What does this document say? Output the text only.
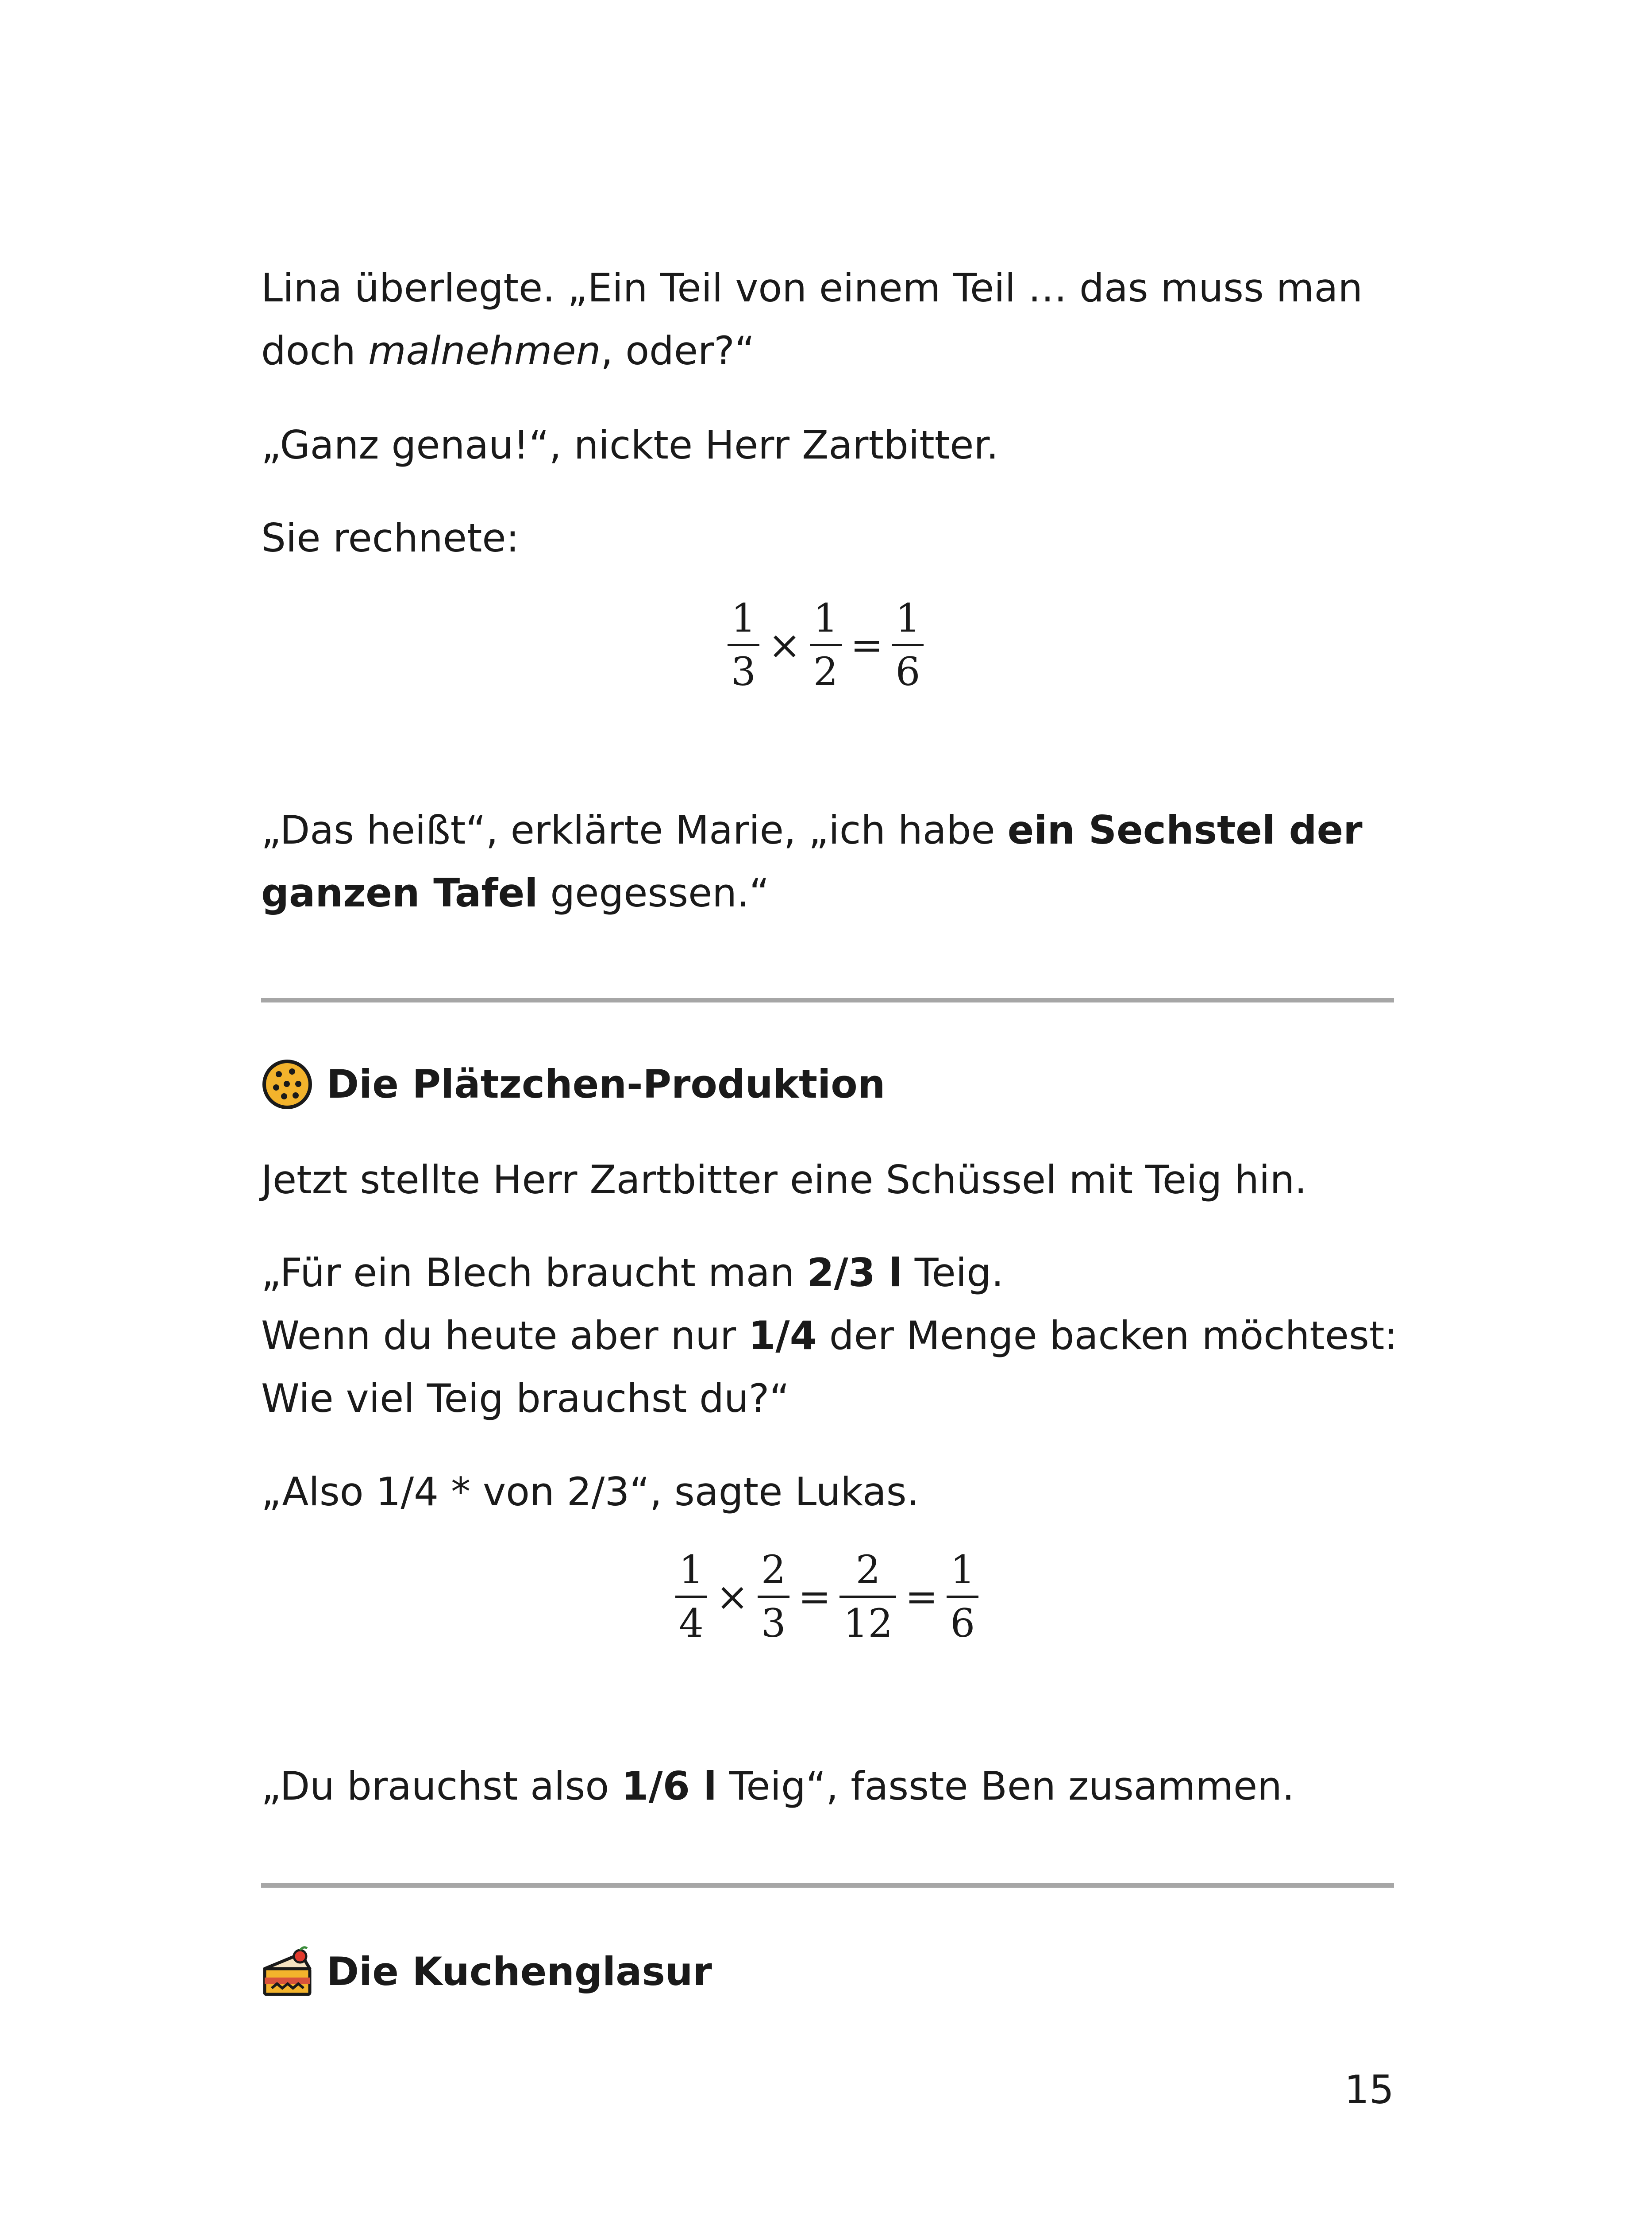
Lina überlegte. „Ein Teil von einem Teil … das muss man
doch malnehmen, oder?“

„Ganz genau!“, nickte Herr Zartbitter.

Sie rechnete:

1
3
×
1
2
=
1
6

„Das heißt“, erklärte Marie, „ich habe ein Sechstel der
ganzen Tafel gegessen.“

Die Plätzchen-Produktion

Jetzt stellte Herr Zartbitter eine Schüssel mit Teig hin.

„Für ein Blech braucht man 2/3 l Teig.
Wenn du heute aber nur 1/4 der Menge backen möchtest:
Wie viel Teig brauchst du?“

„Also 1/4 * von 2/3“, sagte Lukas.

1
4
×
2
3
=
2
12
=
1
6

„Du brauchst also 1/6 l Teig“, fasste Ben zusammen.

Die Kuchenglasur
15
